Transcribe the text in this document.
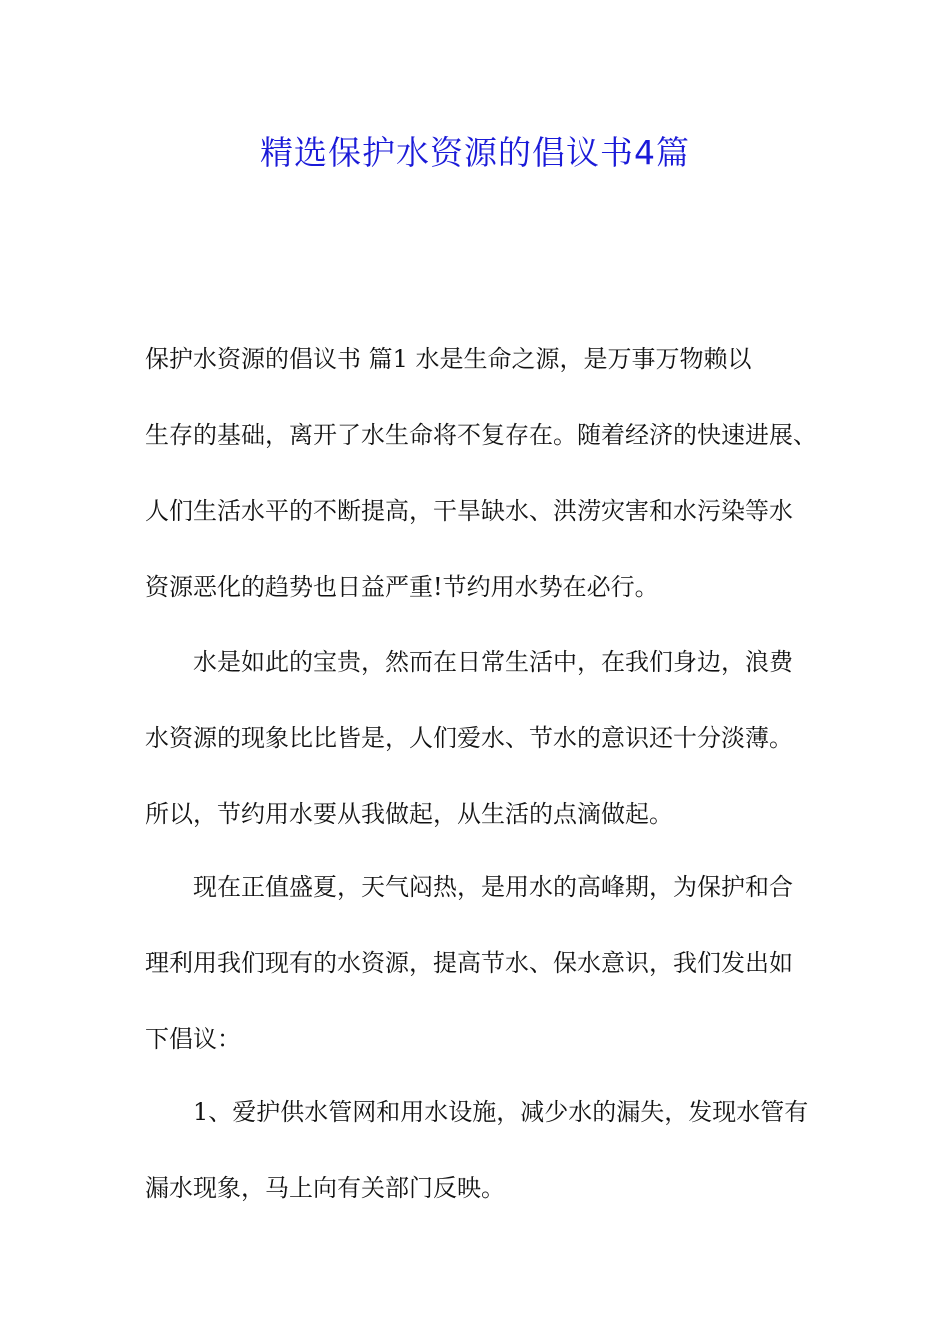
精选保护水资源的倡议书4篇
保护水资源的倡议书 篇1 水是生命之源，是万事万物赖以
生存的基础，离开了水生命将不复存在。随着经济的快速进展、
人们生活水平的不断提高，干旱缺水、洪涝灾害和水污染等水
资源恶化的趋势也日益严重!节约用水势在必行。
水是如此的宝贵，然而在日常生活中，在我们身边，浪费
水资源的现象比比皆是，人们爱水、节水的意识还十分淡薄。
所以，节约用水要从我做起，从生活的点滴做起。
现在正值盛夏，天气闷热，是用水的高峰期，为保护和合
理利用我们现有的水资源，提高节水、保水意识，我们发出如
下倡议：
1、爱护供水管网和用水设施，减少水的漏失，发现水管有
漏水现象，马上向有关部门反映。
